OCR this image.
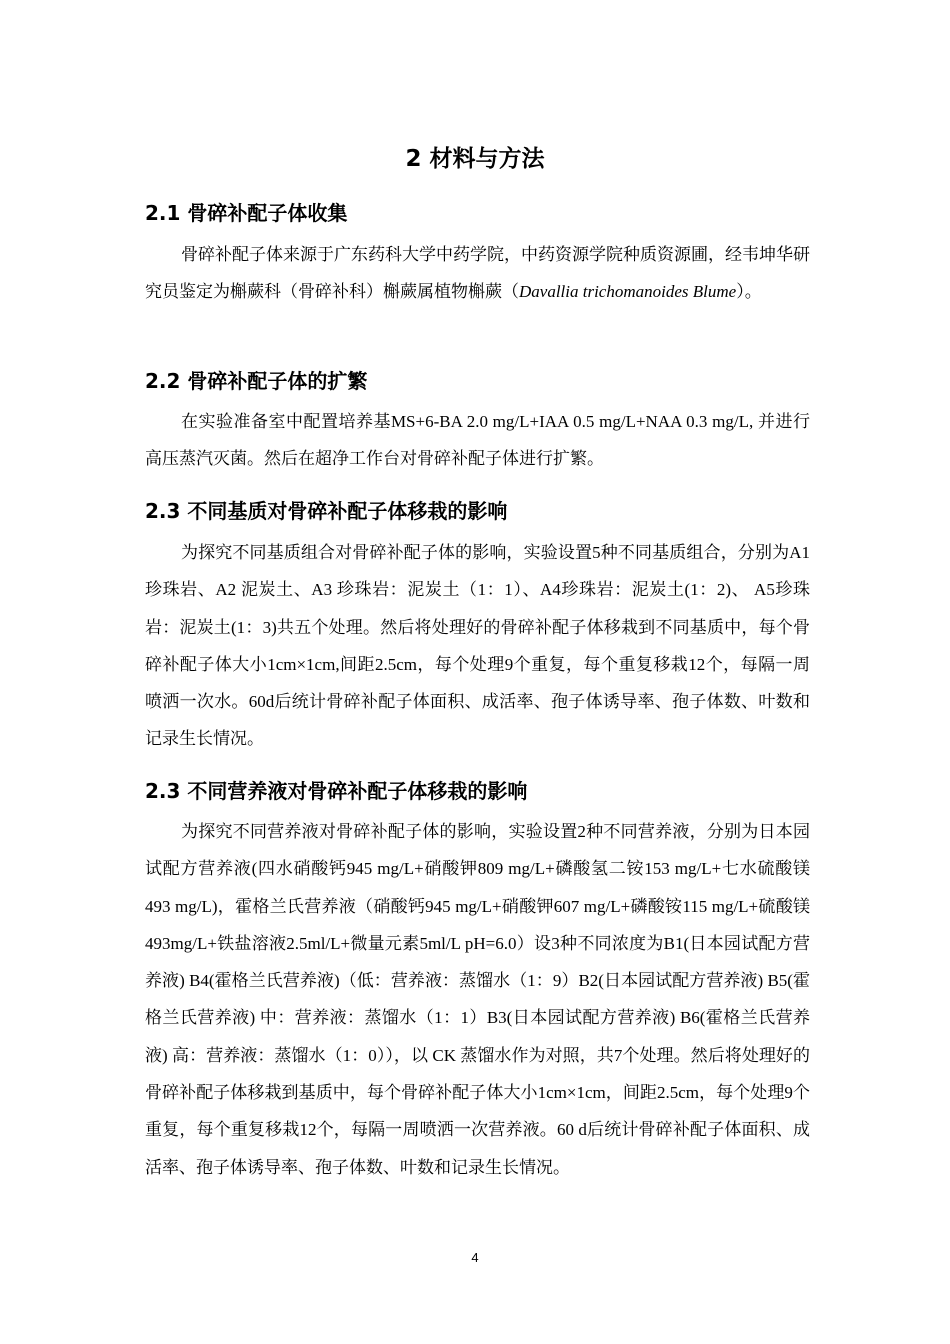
2 材料与方法
2.1 骨碎补配子体收集

骨碎补配子体来源于广东药科大学中药学院，中药资源学院种质资源圃，经韦坤华研究员鉴定为槲蕨科（骨碎补科）槲蕨属植物槲蕨（Davallia trichomanoides Blume）。

2.2 骨碎补配子体的扩繁

在实验准备室中配置培养基MS+6-BA 2.0 mg/L+IAA 0.5 mg/L+NAA 0.3 mg/L, 并进行高压蒸汽灭菌。然后在超净工作台对骨碎补配子体进行扩繁。

2.3 不同基质对骨碎补配子体移栽的影响

为探究不同基质组合对骨碎补配子体的影响，实验设置5种不同基质组合，分别为A1 珍珠岩、A2 泥炭土、A3 珍珠岩：泥炭土（1：1）、A4珍珠岩：泥炭土(1：2)、 A5珍珠岩：泥炭土(1：3)共五个处理。然后将处理好的骨碎补配子体移栽到不同基质中，每个骨碎补配子体大小1cm×1cm,间距2.5cm，每个处理9个重复，每个重复移栽12个，每隔一周喷洒一次水。60d后统计骨碎补配子体面积、成活率、孢子体诱导率、孢子体数、叶数和记录生长情况。

2.3 不同营养液对骨碎补配子体移栽的影响

为探究不同营养液对骨碎补配子体的影响，实验设置2种不同营养液，分别为日本园试配方营养液(四水硝酸钙945 mg/L+硝酸钾809 mg/L+磷酸氢二铵153 mg/L+七水硫酸镁493 mg/L)，霍格兰氏营养液（硝酸钙945 mg/L+硝酸钾607 mg/L+磷酸铵115 mg/L+硫酸镁493mg/L+铁盐溶液2.5ml/L+微量元素5ml/L pH=6.0）设3种不同浓度为B1(日本园试配方营养液) B4(霍格兰氏营养液)（低：营养液：蒸馏水（1：9）B2(日本园试配方营养液) B5(霍格兰氏营养液) 中：营养液：蒸馏水（1：1）B3(日本园试配方营养液) B6(霍格兰氏营养液) 高：营养液：蒸馏水（1：0）），以 CK 蒸馏水作为对照，共7个处理。然后将处理好的骨碎补配子体移栽到基质中，每个骨碎补配子体大小1cm×1cm，间距2.5cm，每个处理9个重复，每个重复移栽12个，每隔一周喷洒一次营养液。60 d后统计骨碎补配子体面积、成活率、孢子体诱导率、孢子体数、叶数和记录生长情况。

4
